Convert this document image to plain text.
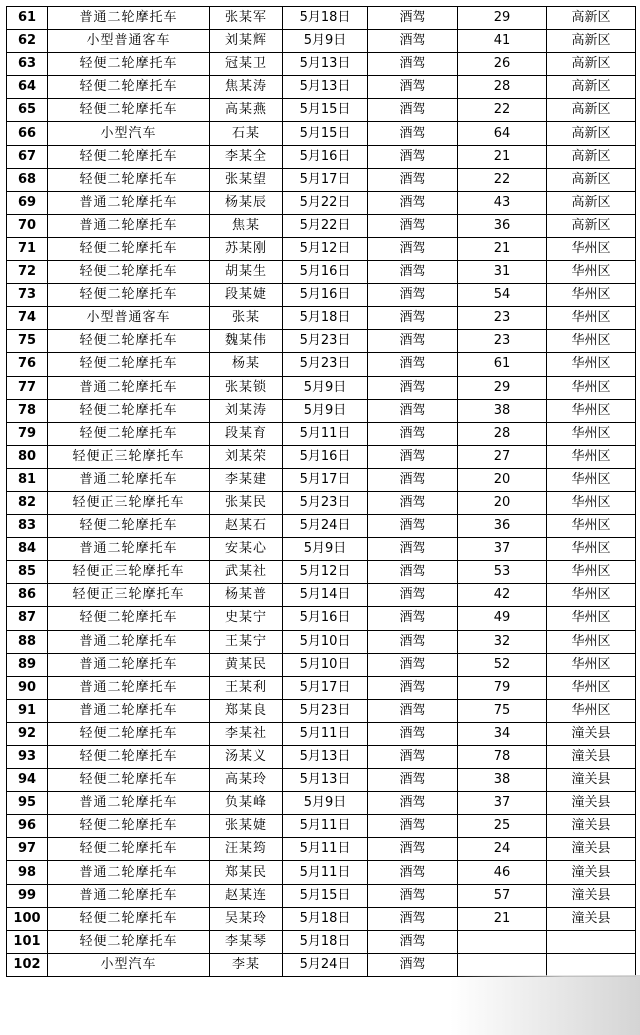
61	普通二轮摩托车	张某军	5月18日	酒驾	29	高新区
62	小型普通客车	刘某辉	5月9日	酒驾	41	高新区
63	轻便二轮摩托车	冠某卫	5月13日	酒驾	26	高新区
64	轻便二轮摩托车	焦某涛	5月13日	酒驾	28	高新区
65	轻便二轮摩托车	高某燕	5月15日	酒驾	22	高新区
66	小型汽车	石某	5月15日	酒驾	64	高新区
67	轻便二轮摩托车	李某全	5月16日	酒驾	21	高新区
68	轻便二轮摩托车	张某望	5月17日	酒驾	22	高新区
69	普通二轮摩托车	杨某辰	5月22日	酒驾	43	高新区
70	普通二轮摩托车	焦某	5月22日	酒驾	36	高新区
71	轻便二轮摩托车	苏某刚	5月12日	酒驾	21	华州区
72	轻便二轮摩托车	胡某生	5月16日	酒驾	31	华州区
73	轻便二轮摩托车	段某婕	5月16日	酒驾	54	华州区
74	小型普通客车	张某	5月18日	酒驾	23	华州区
75	轻便二轮摩托车	魏某伟	5月23日	酒驾	23	华州区
76	轻便二轮摩托车	杨某	5月23日	酒驾	61	华州区
77	普通二轮摩托车	张某锁	5月9日	酒驾	29	华州区
78	轻便二轮摩托车	刘某涛	5月9日	酒驾	38	华州区
79	轻便二轮摩托车	段某育	5月11日	酒驾	28	华州区
80	轻便正三轮摩托车	刘某荣	5月16日	酒驾	27	华州区
81	普通二轮摩托车	李某建	5月17日	酒驾	20	华州区
82	轻便正三轮摩托车	张某民	5月23日	酒驾	20	华州区
83	轻便二轮摩托车	赵某石	5月24日	酒驾	36	华州区
84	普通二轮摩托车	安某心	5月9日	酒驾	37	华州区
85	轻便正三轮摩托车	武某社	5月12日	酒驾	53	华州区
86	轻便正三轮摩托车	杨某普	5月14日	酒驾	42	华州区
87	轻便二轮摩托车	史某宁	5月16日	酒驾	49	华州区
88	普通二轮摩托车	王某宁	5月10日	酒驾	32	华州区
89	普通二轮摩托车	黄某民	5月10日	酒驾	52	华州区
90	普通二轮摩托车	王某利	5月17日	酒驾	79	华州区
91	普通二轮摩托车	郑某良	5月23日	酒驾	75	华州区
92	轻便二轮摩托车	李某社	5月11日	酒驾	34	潼关县
93	轻便二轮摩托车	汤某义	5月13日	酒驾	78	潼关县
94	轻便二轮摩托车	高某玲	5月13日	酒驾	38	潼关县
95	普通二轮摩托车	负某峰	5月9日	酒驾	37	潼关县
96	轻便二轮摩托车	张某婕	5月11日	酒驾	25	潼关县
97	轻便二轮摩托车	汪某筠	5月11日	酒驾	24	潼关县
98	普通二轮摩托车	郑某民	5月11日	酒驾	46	潼关县
99	普通二轮摩托车	赵某连	5月15日	酒驾	57	潼关县
100	轻便二轮摩托车	吴某玲	5月18日	酒驾	21	潼关县
101	轻便二轮摩托车	李某琴	5月18日	酒驾		
102	小型汽车	李某	5月24日	酒驾		
